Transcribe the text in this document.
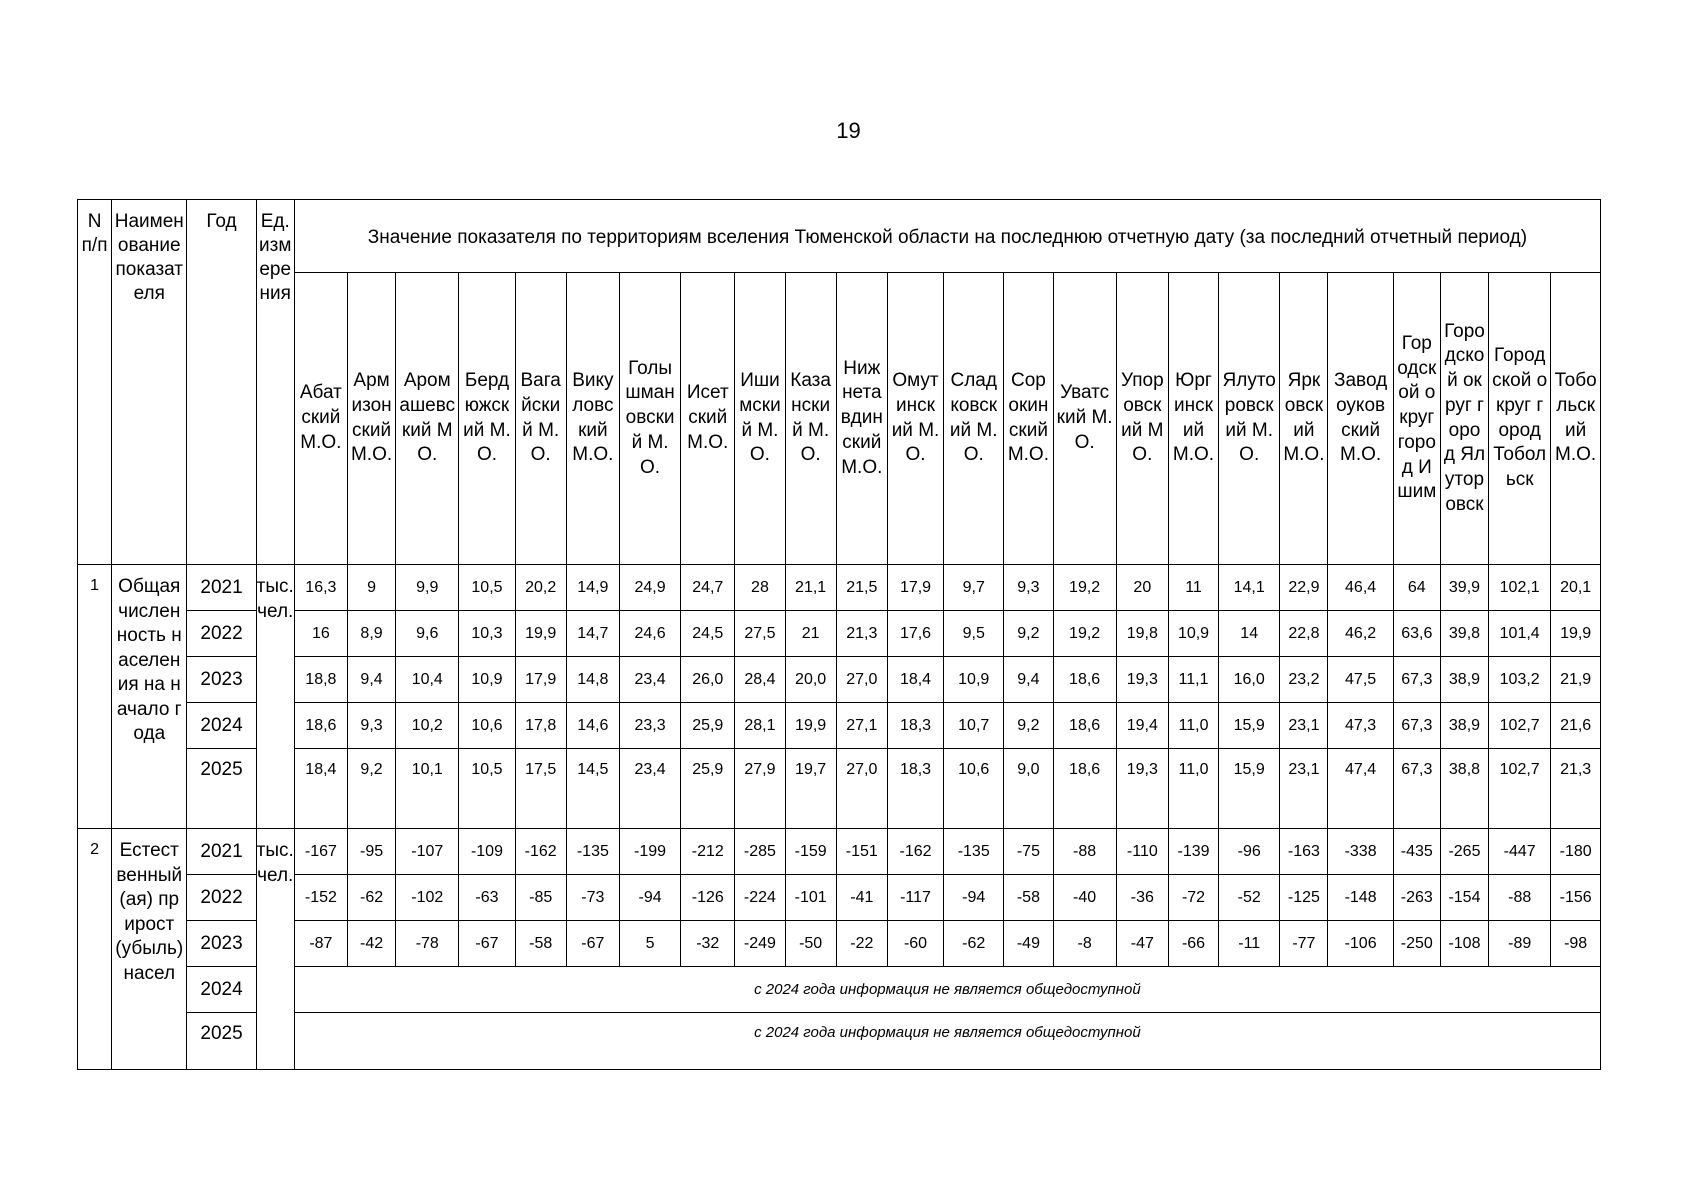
19
N п/п	Наименование показателя	Год	Ед. измерения	Значение показателя по территориям вселения Тюменской области на последнюю отчетную дату (за последний отчетный период)																							
				Абатский М.О.	Армизонский М.О.	Аромашевский М О.	Бердюжский М.О.	Вагайский М.О.	Викуловский М.О.	Голышмановский М.О.	Исетский М.О.	Ишимский М.О.	Казанский М.О.	Нижнетавдинский М.О.	Омутинский М.О.	Сладковский М.О.	Сорокинский М.О.	Уватский М.О.	Упоровский М О.	Юргинский М.О.	Ялуторовский М.О.	Ярковский М.О.	Заводоуковский М.О.	Городской округ город Ишим	Городской округ город Ялуторовск	Городской округ город Тобольск	Тобольский М.О.
1	Общая численность населения на начало года	2021	тыс. чел.	16,3	9	9,9	10,5	20,2	14,9	24,9	24,7	28	21,1	21,5	17,9	9,7	9,3	19,2	20	11	14,1	22,9	46,4	64	39,9	102,1	20,1
		2022		16	8,9	9,6	10,3	19,9	14,7	24,6	24,5	27,5	21	21,3	17,6	9,5	9,2	19,2	19,8	10,9	14	22,8	46,2	63,6	39,8	101,4	19,9
		2023		18,8	9,4	10,4	10,9	17,9	14,8	23,4	26,0	28,4	20,0	27,0	18,4	10,9	9,4	18,6	19,3	11,1	16,0	23,2	47,5	67,3	38,9	103,2	21,9
		2024		18,6	9,3	10,2	10,6	17,8	14,6	23,3	25,9	28,1	19,9	27,1	18,3	10,7	9,2	18,6	19,4	11,0	15,9	23,1	47,3	67,3	38,9	102,7	21,6
		2025		18,4	9,2	10,1	10,5	17,5	14,5	23,4	25,9	27,9	19,7	27,0	18,3	10,6	9,0	18,6	19,3	11,0	15,9	23,1	47,4	67,3	38,8	102,7	21,3
2	Естественный (ая) прирост (убыль) насел	2021	тыс. чел.	-167	-95	-107	-109	-162	-135	-199	-212	-285	-159	-151	-162	-135	-75	-88	-110	-139	-96	-163	-338	-435	-265	-447	-180
		2022		-152	-62	-102	-63	-85	-73	-94	-126	-224	-101	-41	-117	-94	-58	-40	-36	-72	-52	-125	-148	-263	-154	-88	-156
		2023		-87	-42	-78	-67	-58	-67	5	-32	-249	-50	-22	-60	-62	-49	-8	-47	-66	-11	-77	-106	-250	-108	-89	-98
		2024		с 2024 года информация не является общедоступной																							
		2025		с 2024 года информация не является общедоступной																							
